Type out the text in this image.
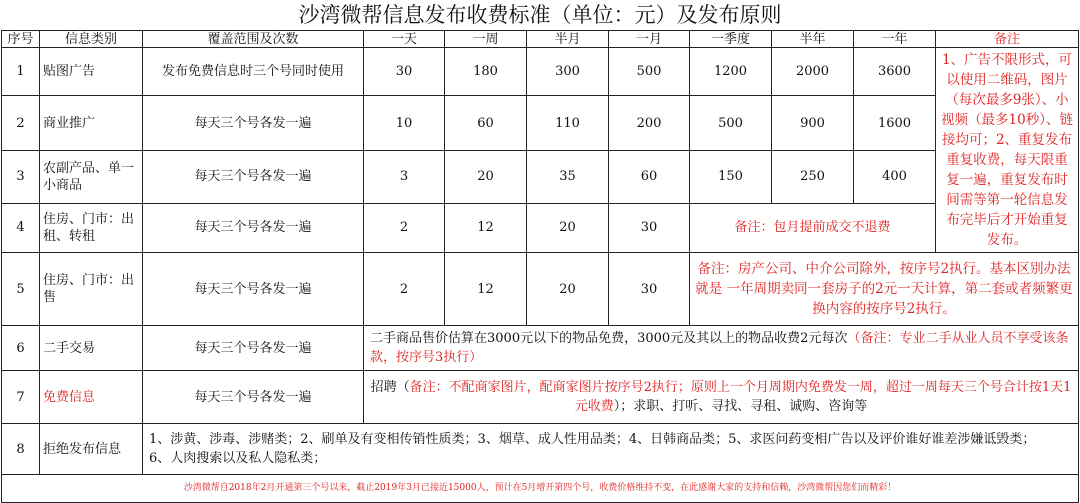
沙湾微帮信息发布收费标准（单位：元）及发布原则
序号	信息类别	覆盖范围及次数	一天	一周	半月	一月	一季度	半年	一年	备注
1	贴图广告	发布免费信息时三个号同时使用	30	180	300	500	1200	2000	3600	1、广告不限形式，可以使用二维码，图片（每次最多9张）、小视频（最多10秒）、链接均可；2、重复发布重复收费，每天限重复一遍，重复发布时间需等第一轮信息发布完毕后才开始重复发布。
2	商业推广	每天三个号各发一遍	10	60	110	200	500	900	1600	
3	农副产品、单一小商品	每天三个号各发一遍	3	20	35	60	150	250	400	
4	住房、门市：出租、转租	每天三个号各发一遍	2	12	20	30	备注：包月提前成交不退费			
5	住房、门市：出售	每天三个号各发一遍	2	12	20	30	备注：房产公司、中介公司除外，按序号2执行。基本区别办法就是 一年周期卖同一套房子的2元一天计算，第二套或者频繁更换内容的按序号2执行。			
6	二手交易	每天三个号各发一遍	二手商品售价估算在3000元以下的物品免费，3000元及其以上的物品收费2元每次（备注：专业二手从业人员不享受该条款，按序号3执行）							
7	免费信息	每天三个号各发一遍	招聘（备注：不配商家图片，配商家图片按序号2执行；原则上一个月周期内免费发一周，超过一周每天三个号合计按1天1元收费）；求职、打听、寻找、寻租、诚购、咨询等							
8	拒绝发布信息	1、涉黄、涉毒、涉赌类；2、刷单及有变相传销性质类；3、烟草、成人性用品类；4、日韩商品类；5、求医问药变相广告以及评价谁好谁差涉嫌诋毁类；      6、人肉搜索以及私人隐私类；								
沙湾微帮自2018年2月开通第三个号以来，截止2019年3月已接近15000人，预计在5月增开第四个号，收费价格维持不变，在此感谢大家的支持和信赖，沙湾微帮因您们而精彩！										
